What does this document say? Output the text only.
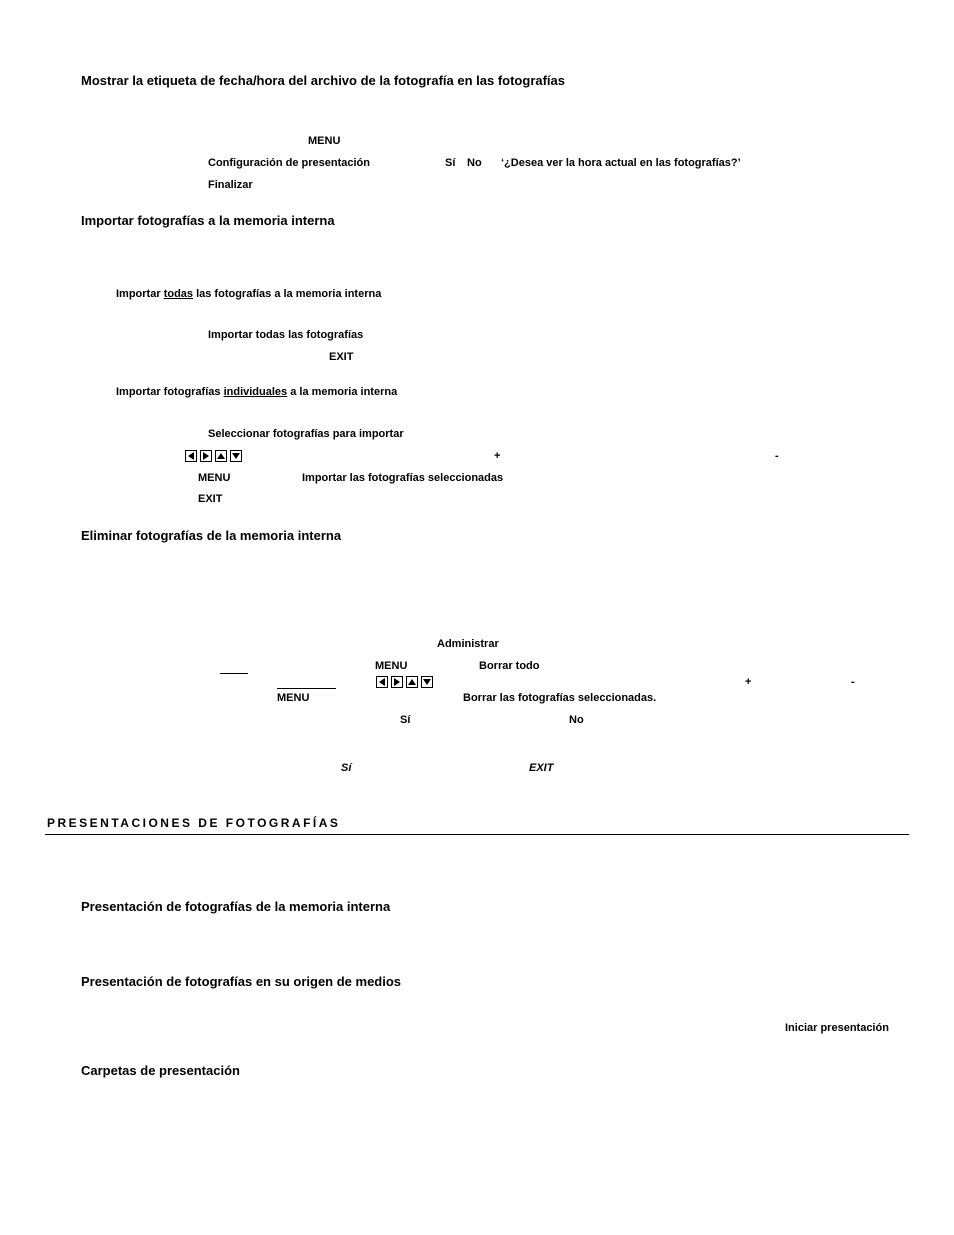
Mostrar la etiqueta de fecha/hora del archivo de la fotografía en las fotografías
MENU
Configuración de presentación	Sí No ‘¿Desea ver la hora actual en las fotografías?’
Finalizar
Importar fotografías a la memoria interna
Importar todas las fotografías a la memoria interna
Importar todas las fotografías
EXIT
Importar fotografías individuales a la memoria interna
Seleccionar fotografías para importar
+	-
MENU	Importar las fotografías seleccionadas
EXIT
Eliminar fotografías de la memoria interna
Administrar
MENU	Borrar todo
+	-
MENU	Borrar las fotografías seleccionadas.
Sí	No
Sí	EXIT
PRESENTACIONES DE FOTOGRAFÍAS
Presentación de fotografías de la memoria interna
Presentación de fotografías en su origen de medios
Iniciar presentación
Carpetas de presentación
